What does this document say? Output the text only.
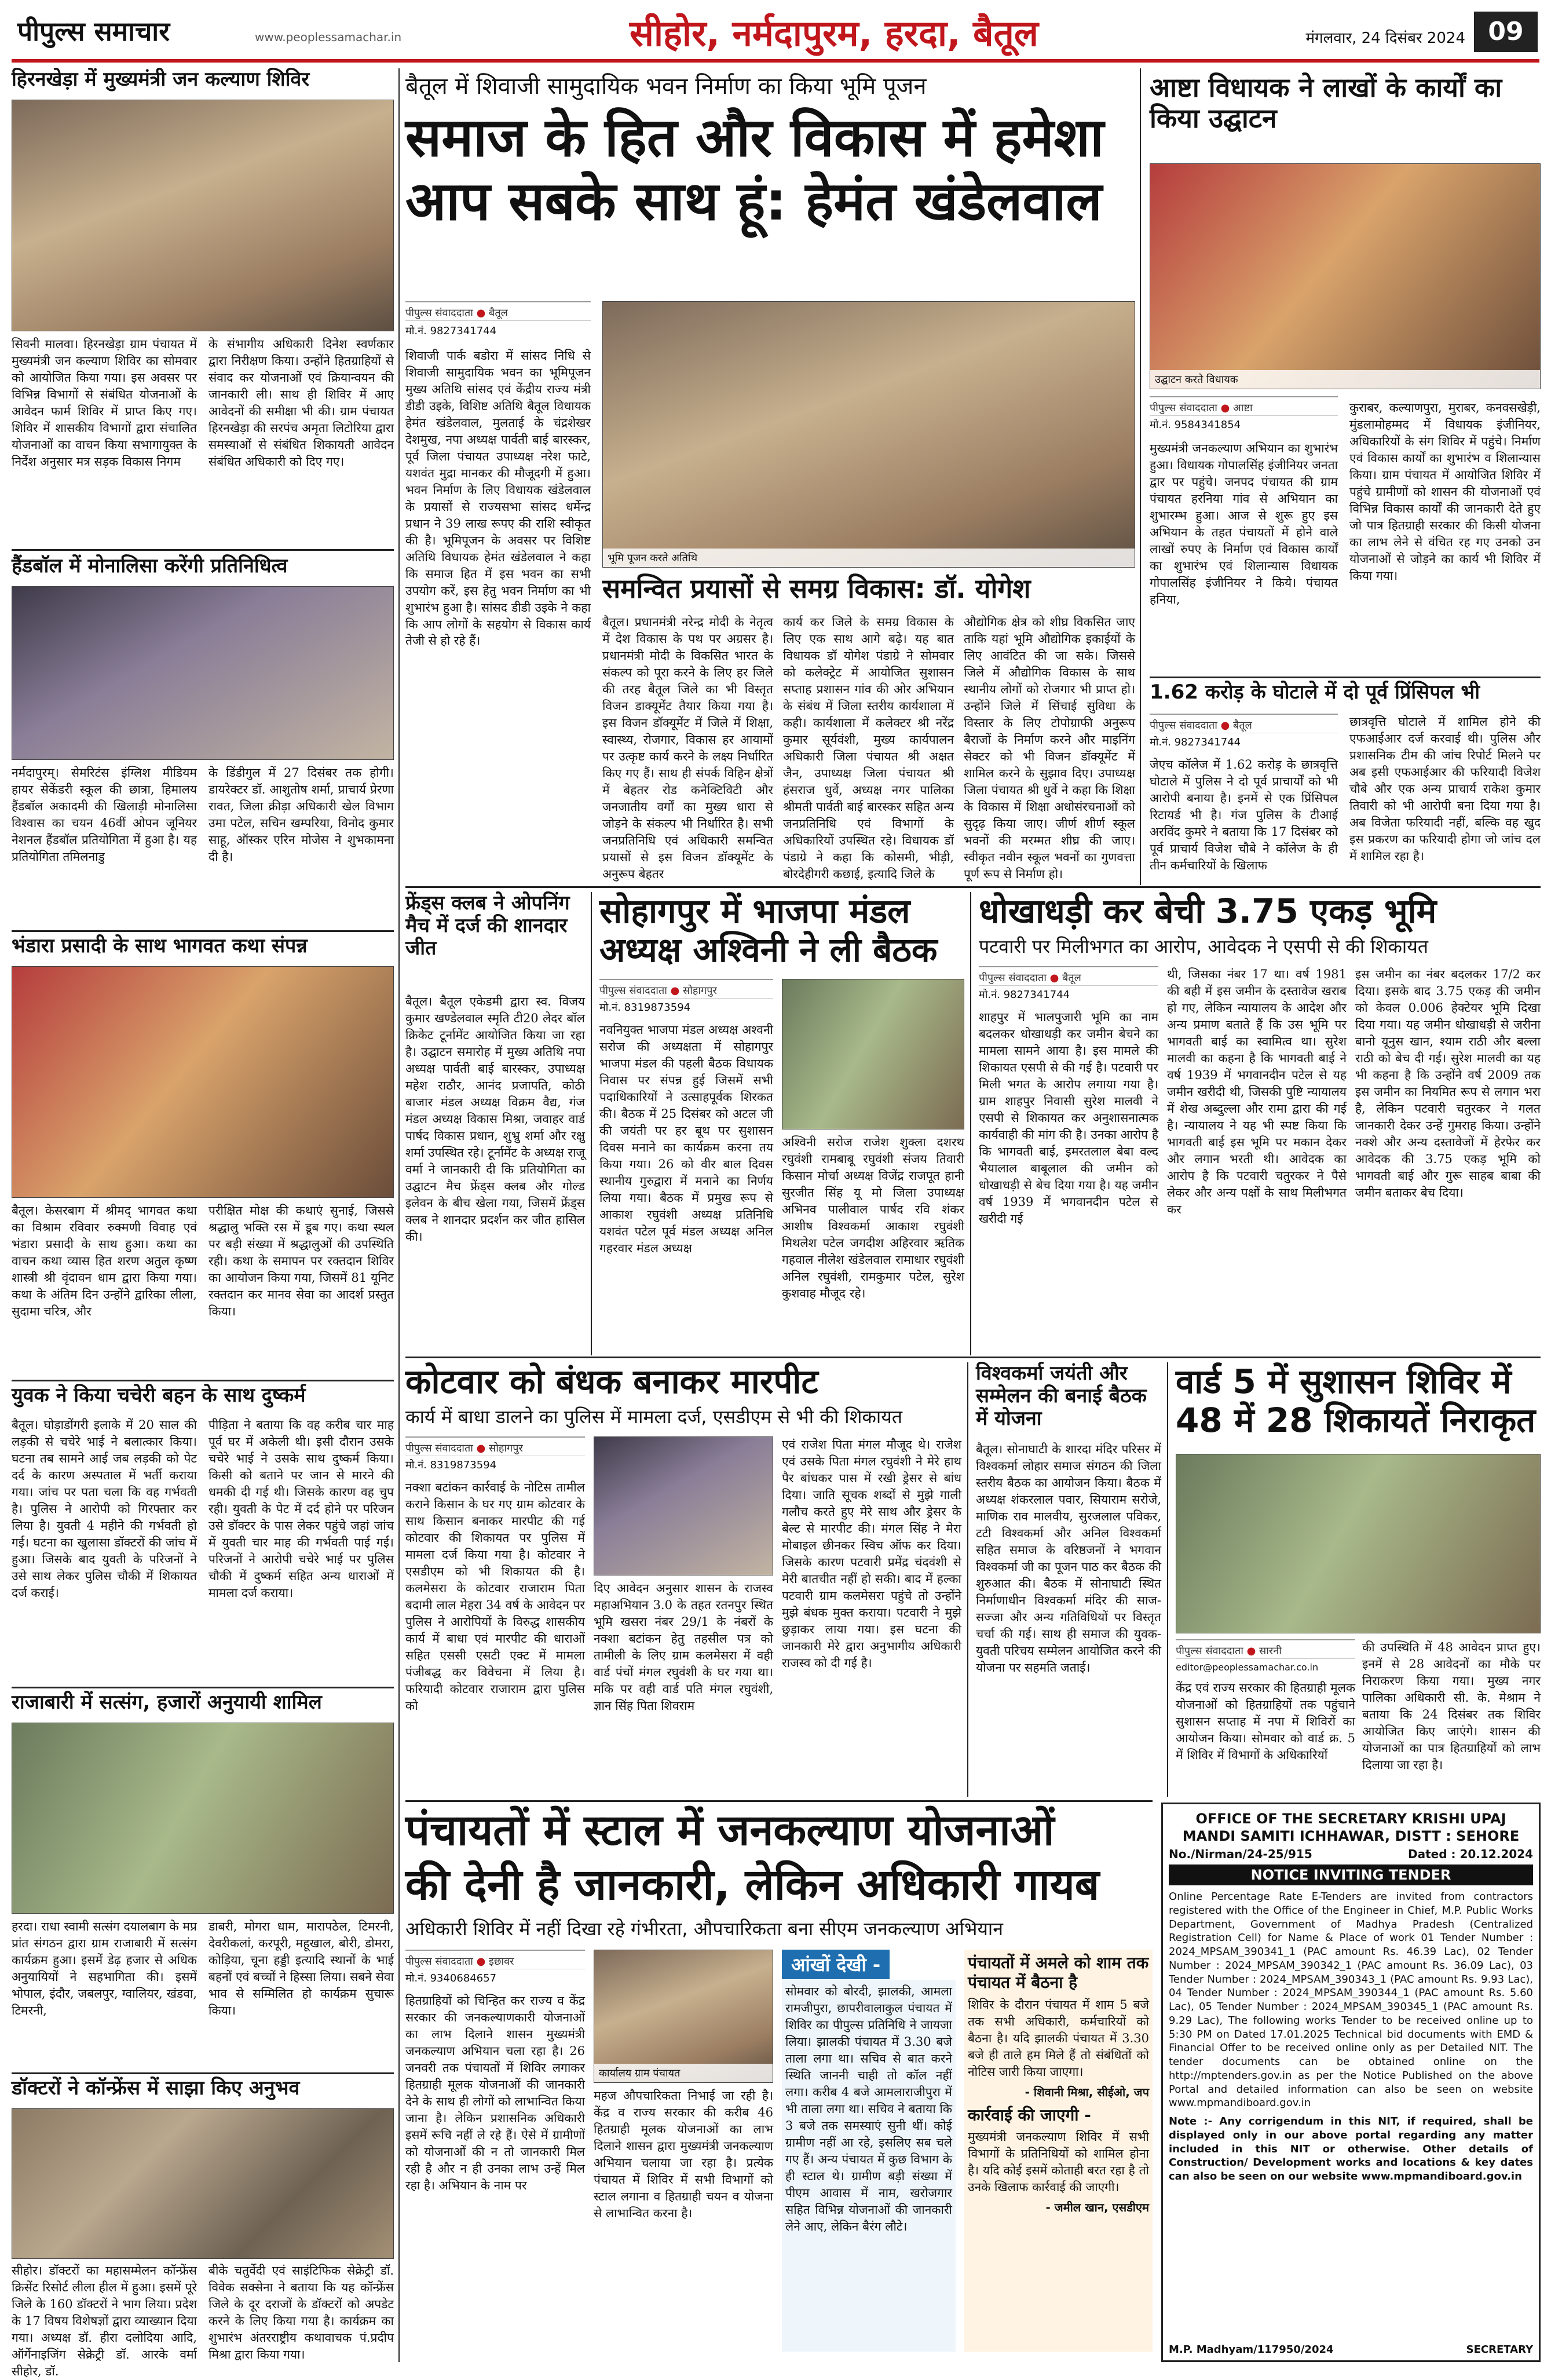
पीपुल्स समाचार	www.peoplessamachar.in	सीहोर, नर्मदापुरम, हरदा, बैतूल	मंगलवार, 24 दिसंबर 2024 09
हिरनखेड़ा में मुख्यमंत्री जन कल्याण शिविर
सिवनी मालवा। हिरनखेड़ा ग्राम पंचायत में मुख्यमंत्री जन कल्याण शिविर का सोमवार को आयोजित किया गया। इस अवसर पर विभिन्न विभागों से संबंधित योजनाओं के आवेदन फार्म शिविर में प्राप्त किए गए। शिविर में शासकीय विभागों द्वारा संचालित योजनाओं का वाचन किया सभागायुक्त के निर्देश अनुसार मत्र सड़क विकास निगम
के संभागीय अधिकारी दिनेश स्वर्णकार द्वारा निरीक्षण किया। उन्होंने हितग्राहियों से संवाद कर योजनाओं एवं क्रियान्वयन की जानकारी ली। साथ ही शिविर में आए आवेदनों की समीक्षा भी की। ग्राम पंचायत हिरनखेड़ा की सरपंच अमृता लिटोरिया द्वारा समस्याओं से संबंधित शिकायती आवेदन संबंधित अधिकारी को दिए गए।
हैंडबॉल में मोनालिसा करेंगी प्रतिनिधित्व
नर्मदापुरम्। सेमरिटंस इंग्लिश मीडियम हायर सेकेंडरी स्कूल की छात्रा, हिमालय हैंडबॉल अकादमी की खिलाड़ी मोनालिसा विश्वास का चयन 46वीं ओपन जूनियर नेशनल हैंडबॉल प्रतियोगिता में हुआ है। यह प्रतियोगिता तमिलनाडु
के डिंडीगुल में 27 दिसंबर तक होगी। डायरेक्टर डॉ. आशुतोष शर्मा, प्राचार्य प्रेरणा रावत, जिला क्रीड़ा अधिकारी खेल विभाग उमा पटेल, सचिन खम्परिया, विनोद कुमार साहू, ऑस्कर एरिन मोजेस ने शुभकामना दी है।
भंडारा प्रसादी के साथ भागवत कथा संपन्न
बैतूल। केसरबाग में श्रीमद् भागवत कथा का विश्राम रविवार रुक्मणी विवाह एवं भंडारा प्रसादी के साथ हुआ। कथा का वाचन कथा व्यास हित शरण अतुल कृष्ण शास्त्री श्री वृंदावन धाम द्वारा किया गया। कथा के अंतिम दिन उन्होंने द्वारिका लीला, सुदामा चरित्र, और
परीक्षित मोक्ष की कथाएं सुनाई, जिससे श्रद्धालु भक्ति रस में डूब गए। कथा स्थल पर बड़ी संख्या में श्रद्धालुओं की उपस्थिति रही। कथा के समापन पर रक्तदान शिविर का आयोजन किया गया, जिसमें 81 यूनिट रक्तदान कर मानव सेवा का आदर्श प्रस्तुत किया।
युवक ने किया चचेरी बहन के साथ दुष्कर्म
बैतूल। घोड़ाडोंगरी इलाके में 20 साल की लड़की से चचेरे भाई ने बलात्कार किया। घटना तब सामने आई जब लड़की को पेट दर्द के कारण अस्पताल में भर्ती कराया गया। जांच पर पता चला कि वह गर्भवती है। पुलिस ने आरोपी को गिरफ्तार कर लिया है। युवती 4 महीने की गर्भवती हो गई। घटना का खुलासा डॉक्टरों की जांच में हुआ। जिसके बाद युवती के परिजनों ने उसे साथ लेकर पुलिस चौकी में शिकायत दर्ज कराई।
पीड़िता ने बताया कि वह करीब चार माह पूर्व घर में अकेली थी। इसी दौरान उसके चचेरे भाई ने उसके साथ दुष्कर्म किया। किसी को बताने पर जान से मारने की धमकी दी गई थी। जिसके कारण वह चुप रही। युवती के पेट में दर्द होने पर परिजन उसे डॉक्टर के पास लेकर पहुंचे जहां जांच में युवती चार माह की गर्भवती पाई गई। परिजनों ने आरोपी चचेरे भाई पर पुलिस चौकी में दुष्कर्म सहित अन्य धाराओं में मामला दर्ज कराया।
राजाबारी में सत्संग, हजारों अनुयायी शामिल
हरदा। राधा स्वामी सत्संग दयालबाग के मप्र प्रांत संगठन द्वारा ग्राम राजाबारी में सत्संग कार्यक्रम हुआ। इसमें डेढ़ हजार से अधिक अनुयायियों ने सहभागिता की। इसमें भोपाल, इंदौर, जबलपुर, ग्वालियर, खंडवा, टिमरनी,
डाबरी, मोगरा धाम, मारापठेल, टिमरनी, देवरीकलां, करपूरी, महूखाल, बोरी, डोमरा, कोड़िया, चूना हड्डी इत्यादि स्थानों के भाई बहनों एवं बच्चों ने हिस्सा लिया। सबने सेवा भाव से सम्मिलित हो कार्यक्रम सुचारू किया।
डॉक्टरों ने कॉन्फ्रेंस में साझा किए अनुभव
सीहोर। डॉक्टरों का महासम्मेलन कॉन्फ्रेंस क्रिसेंट रिसोर्ट लीला हील में हुआ। इसमें पूरे जिले के 160 डॉक्टरों ने भाग लिया। प्रदेश के 17 विषय विशेषज्ञों द्वारा व्याख्यान दिया गया। अध्यक्ष डॉ. हीरा दलोदिया आदि, ऑर्गेनाइजिंग सेक्रेट्री डॉ. आरके वर्मा सीहोर, डॉ.
बीके चतुर्वेदी एवं साइंटिफिक सेक्रेट्री डॉ. विवेक सक्सेना ने बताया कि यह कॉन्फ्रेंस जिले के दूर दराजों के डॉक्टरों को अपडेट करने के लिए किया गया है। कार्यक्रम का शुभारंभ अंतरराष्ट्रीय कथावाचक पं.प्रदीप मिश्रा द्वारा किया गया।
बैतूल में शिवाजी सामुदायिक भवन निर्माण का किया भूमि पूजन
समाज के हित और विकास में हमेशा
आप सबके साथ हूं: हेमंत खंडेलवाल
पीपुल्स संवाददाता ● बैतूल
मो.नं. 9827341744
शिवाजी पार्क बडोरा में सांसद निधि से शिवाजी सामुदायिक भवन का भूमिपूजन मुख्य अतिथि सांसद एवं केंद्रीय राज्य मंत्री डीडी उइके, विशिष्ट अतिथि बैतूल विधायक हेमंत खंडेलवाल, मुलताई के चंद्रशेखर देशमुख, नपा अध्यक्ष पार्वती बाई बारस्कर, पूर्व जिला पंचायत उपाध्यक्ष नरेश फाटे, यशवंत मुद्रा मानकर की मौजूदगी में हुआ। भवन निर्माण के लिए विधायक खंडेलवाल के प्रयासों से राज्यसभा सांसद धर्मेन्द्र प्रधान ने 39 लाख रूपए की राशि स्वीकृत की है। भूमिपूजन के अवसर पर विशिष्ट अतिथि विधायक हेमंत खंडेलवाल ने कहा कि समाज हित में इस भवन का सभी उपयोग करें, इस हेतु भवन निर्माण का भी शुभारंभ हुआ है। सांसद डीडी उइके ने कहा कि आप लोगों के सहयोग से विकास कार्य तेजी से हो रहे हैं।
भूमि पूजन करते अतिथि
समन्वित प्रयासों से समग्र विकास: डॉ. योगेश
बैतूल। प्रधानमंत्री नरेन्द्र मोदी के नेतृत्व में देश विकास के पथ पर अग्रसर है। प्रधानमंत्री मोदी के विकसित भारत के संकल्प को पूरा करने के लिए हर जिले की तरह बैतूल जिले का भी विस्तृत विजन डाक्यूमेंट तैयार किया गया है। इस विजन डॉक्यूमेंट में जिले में शिक्षा, स्वास्थ्य, रोजगार, विकास हर आयामों पर उत्कृष्ट कार्य करने के लक्ष्य निर्धारित किए गए हैं। साथ ही संपर्क विहिन क्षेत्रों में बेहतर रोड कनेक्टिविटी और जनजातीय वर्गों का मुख्य धारा से जोड़ने के संकल्प भी निर्धारित है। सभी जनप्रतिनिधि एवं अधिकारी समन्वित प्रयासों से इस विजन डॉक्यूमेंट के अनुरूप बेहतर
कार्य कर जिले के समग्र विकास के लिए एक साथ आगे बढ़े। यह बात विधायक डॉ योगेश पंडाग्रे ने सोमवार को कलेक्ट्रेट में आयोजित सुशासन सप्ताह प्रशासन गांव की ओर अभियान के संबंध में जिला स्तरीय कार्यशाला में कही। कार्यशाला में कलेक्टर श्री नरेंद्र कुमार सूर्यवंशी, मुख्य कार्यपालन अधिकारी जिला पंचायत श्री अक्षत जैन, उपाध्यक्ष जिला पंचायत श्री हंसराज धुर्वे, अध्यक्ष नगर पालिका श्रीमती पार्वती बाई बारस्कर सहित अन्य जनप्रतिनिधि एवं विभागों के अधिकारियों उपस्थित रहे। विधायक डॉ पंडाग्रे ने कहा कि कोसमी, भीड़ी, बोरदेहीगरी कछाई, इत्यादि जिले के
औद्योगिक क्षेत्र को शीघ्र विकसित जाए ताकि यहां भूमि औद्योगिक इकाईयों के लिए आवंटित की जा सके। जिससे जिले में औद्योगिक विकास के साथ स्थानीय लोगों को रोजगार भी प्राप्त हो। उन्होंने जिले में सिंचाई सुविधा के विस्तार के लिए टोपोग्राफी अनुरूप बैराजों के निर्माण करने और माइनिंग सेक्टर को भी विजन डॉक्यूमेंट में शामिल करने के सुझाव दिए। उपाध्यक्ष जिला पंचायत श्री धुर्वे ने कहा कि शिक्षा के विकास में शिक्षा अधोसंरचनाओं को सुदृढ़ किया जाए। जीर्ण शीर्ण स्कूल भवनों की मरम्मत शीघ्र की जाए। स्वीकृत नवीन स्कूल भवनों का गुणवत्ता पूर्ण रूप से निर्माण हो।
आष्टा विधायक ने लाखों के कार्यों का किया उद्घाटन
उद्घाटन करते विधायक
पीपुल्स संवाददाता ● आष्टा
मो.नं. 9584341854
मुख्यमंत्री जनकल्याण अभियान का शुभारंभ हुआ। विधायक गोपालसिंह इंजीनियर जनता द्वार पर पहुंचे। जनपद पंचायत की ग्राम पंचायत हरनिया गांव से अभियान का शुभारम्भ हुआ। आज से शुरू हुए इस अभियान के तहत पंचायतों में होने वाले लाखों रुपए के निर्माण एवं विकास कार्यों का शुभारंभ एवं शिलान्यास विधायक गोपालसिंह इंजीनियर ने किये। पंचायत हनिया,
कुराबर, कल्याणपुरा, मुराबर, कनवसखेड़ी, मुंडलामोहम्मद में विधायक इंजीनियर, अधिकारियों के संग शिविर में पहुंचे। निर्माण एवं विकास कार्यों का शुभारंभ व शिलान्यास किया। ग्राम पंचायत में आयोजित शिविर में पहुंचे ग्रामीणों को शासन की योजनाओं एवं विभिन्न विकास कार्यों की जानकारी देते हुए जो पात्र हितग्राही सरकार की किसी योजना का लाभ लेने से वंचित रह गए उनको उन योजनाओं से जोड़ने का कार्य भी शिविर में किया गया।
1.62 करोड़ के घोटाले में दो पूर्व प्रिंसिपल भी
पीपुल्स संवाददाता ● बैतूल
मो.नं. 9827341744
जेएच कॉलेज में 1.62 करोड़ के छात्रवृत्ति घोटाले में पुलिस ने दो पूर्व प्राचार्यों को भी आरोपी बनाया है। इनमें से एक प्रिंसिपल रिटायर्ड भी है। गंज पुलिस के टीआई अरविंद कुमरे ने बताया कि 17 दिसंबर को पूर्व प्राचार्य विजेश चौबे ने कॉलेज के ही तीन कर्मचारियों के खिलाफ
छात्रवृत्ति घोटाले में शामिल होने की एफआईआर दर्ज करवाई थी। पुलिस और प्रशासनिक टीम की जांच रिपोर्ट मिलने पर अब इसी एफआईआर की फरियादी विजेश चौबे और एक अन्य प्राचार्य राकेश कुमार तिवारी को भी आरोपी बना दिया गया है। अब विजेता फरियादी नहीं, बल्कि वह खुद इस प्रकरण का फरियादी होगा जो जांच दल में शामिल रहा है।
फ्रेंड्स क्लब ने ओपनिंग मैच में दर्ज की शानदार जीत
बैतूल। बैतूल एकेडमी द्वारा स्व. विजय कुमार खण्डेलवाल स्मृति टी20 लेदर बॉल क्रिकेट टूर्नामेंट आयोजित किया जा रहा है। उद्घाटन समारोह में मुख्य अतिथि नपा अध्यक्ष पार्वती बाई बारस्कर, उपाध्यक्ष महेश राठौर, आनंद प्रजापति, कोठी बाजार मंडल अध्यक्ष विक्रम वैद्य, गंज मंडल अध्यक्ष विकास मिश्रा, जवाहर वार्ड पार्षद विकास प्रधान, शुभ्रु शर्मा और रक्षु शर्मा उपस्थित रहे। टूर्नामेंट के अध्यक्ष राजू वर्मा ने जानकारी दी कि प्रतियोगिता का उद्घाटन मैच फ्रेंड्स क्लब और गोल्ड इलेवन के बीच खेला गया, जिसमें फ्रेंड्स क्लब ने शानदार प्रदर्शन कर जीत हासिल की।
सोहागपुर में भाजपा मंडल अध्यक्ष अश्विनी ने ली बैठक
पीपुल्स संवाददाता ● सोहागपुर
मो.नं. 8319873594
नवनियुक्त भाजपा मंडल अध्यक्ष अश्वनी सरोज की अध्यक्षता में सोहागपुर भाजपा मंडल की पहली बैठक विधायक निवास पर संपन्न हुई जिसमें सभी पदाधिकारियों ने उत्साहपूर्वक शिरकत की। बैठक में 25 दिसंबर को अटल जी की जयंती पर हर बूथ पर सुशासन दिवस मनाने का कार्यक्रम करना तय किया गया। 26 को वीर बाल दिवस स्थानीय गुरुद्वारा में मनाने का निर्णय लिया गया। बैठक में प्रमुख रूप से आकाश रघुवंशी अध्यक्ष प्रतिनिधि यशवंत पटेल पूर्व मंडल अध्यक्ष अनिल गहरवार मंडल अध्यक्ष
अश्विनी सरोज राजेश शुक्ला दशरथ रघुवंशी रामबाबू रघुवंशी संजय तिवारी किसान मोर्चा अध्यक्ष विजेंद्र राजपूत हानी सुरजीत सिंह यू मो जिला उपाध्यक्ष अभिनव पालीवाल पार्षद रवि शंकर आशीष विश्वकर्मा आकाश रघुवंशी मिथलेश पटेल जगदीश अहिरवार ऋतिक गहवाल नीलेश खंडेलवाल रामाधार रघुवंशी अनिल रघुवंशी, रामकुमार पटेल, सुरेश कुशवाह मौजूद रहे।
धोखाधड़ी कर बेची 3.75 एकड़ भूमि
पटवारी पर मिलीभगत का आरोप, आवेदक ने एसपी से की शिकायत
पीपुल्स संवाददाता ● बैतूल
मो.नं. 9827341744
शाहपुर में भालपुजारी भूमि का नाम बदलकर धोखाधड़ी कर जमीन बेचने का मामला सामने आया है। इस मामले की शिकायत एसपी से की गई है। पटवारी पर मिली भगत के आरोप लगाया गया है। ग्राम शाहपुर निवासी सुरेश मालवी ने एसपी से शिकायत कर अनुशासनात्मक कार्यवाही की मांग की है। उनका आरोप है कि भागवती बाई, इमरतलाल बेबा वल्द भैयालाल बाबूलाल की जमीन को धोखाधड़ी से बेच दिया गया है। यह जमीन वर्ष 1939 में भगवानदीन पटेल से खरीदी गई
थी, जिसका नंबर 17 था। वर्ष 1981 की बही में इस जमीन के दस्तावेज खराब हो गए, लेकिन न्यायालय के आदेश और अन्य प्रमाण बताते हैं कि उस भूमि पर भागवती बाई का स्वामित्व था। सुरेश मालवी का कहना है कि भागवती बाई ने वर्ष 1939 में भगवानदीन पटेल से यह जमीन खरीदी थी, जिसकी पुष्टि न्यायालय में शेख अब्दुल्ला और रामा द्वारा की गई है। न्यायालय ने यह भी स्पष्ट किया कि भागवती बाई इस भूमि पर मकान देकर और लगान भरती थी। आवेदक का आरोप है कि पटवारी चतुरकर ने पैसे लेकर और अन्य पक्षों के साथ मिलीभगत कर
इस जमीन का नंबर बदलकर 17/2 कर दिया। इसके बाद 3.75 एकड़ की जमीन को केवल 0.006 हेक्टेयर भूमि दिखा दिया गया। यह जमीन धोखाधड़ी से जरीना बानो यूनुस खान, श्याम राठी और बल्ला राठी को बेच दी गई। सुरेश मालवी का यह भी कहना है कि उन्होंने वर्ष 2009 तक इस जमीन का नियमित रूप से लगान भरा है, लेकिन पटवारी चतुरकर ने गलत जानकारी देकर उन्हें गुमराह किया। उन्होंने नक्शे और अन्य दस्तावेजों में हेरफेर कर आवेदक की 3.75 एकड़ भूमि को भागवती बाई और गुरू साहब बाबा की जमीन बताकर बेच दिया।
कोटवार को बंधक बनाकर मारपीट
कार्य में बाधा डालने का पुलिस में मामला दर्ज, एसडीएम से भी की शिकायत
पीपुल्स संवाददाता ● सोहागपुर
मो.नं. 8319873594
नक्शा बटांकन कार्रवाई के नोटिस तामील कराने किसान के घर गए ग्राम कोटवार के साथ किसान बनाकर मारपीट की गई कोटवार की शिकायत पर पुलिस में मामला दर्ज किया गया है। कोटवार ने एसडीएम को भी शिकायत की है। कलमेसरा के कोटवार राजाराम पिता बदामी लाल मेहरा 34 वर्ष के आवेदन पर पुलिस ने आरोपियों के विरुद्ध शासकीय कार्य में बाधा एवं मारपीट की धाराओं सहित एससी एसटी एक्ट में मामला पंजीबद्ध कर विवेचना में लिया है। फरियादी कोटवार राजाराम द्वारा पुलिस को
दिए आवेदन अनुसार शासन के राजस्व महाअभियान 3.0 के तहत रतनपुर स्थित भूमि खसरा नंबर 29/1 के नंबरों के नक्शा बटांकन हेतु तहसील पत्र को तामीली के लिए ग्राम कलमेसरा में वही वार्ड पंचों मंगल रघुवंशी के घर गया था। मकि पर वही वार्ड पति मंगल रघुवंशी, ज्ञान सिंह पिता शिवराम
एवं राजेश पिता मंगल मौजूद थे। राजेश एवं उसके पिता मंगल रघुवंशी ने मेरे हाथ पैर बांधकर पास में रखी ड्रेसर से बांध दिया। जाति सूचक शब्दों से मुझे गाली गलौच करते हुए मेरे साथ और ड्रेसर के बेल्ट से मारपीट की। मंगल सिंह ने मेरा मोबाइल छीनकर स्विच ऑफ कर दिया। जिसके कारण पटवारी प्रमेंद्र चंदवंशी से मेरी बातचीत नहीं हो सकी। बाद में हल्का पटवारी ग्राम कलमेसरा पहुंचे तो उन्होंने मुझे बंधक मुक्त कराया। पटवारी ने मुझे छुड़ाकर लाया गया। इस घटना की जानकारी मेरे द्वारा अनुभागीय अधिकारी राजस्व को दी गई है।
विश्वकर्मा जयंती और सम्मेलन की बनाई बैठक में योजना
बैतूल। सोनाघाटी के शारदा मंदिर परिसर में विश्वकर्मा लोहार समाज संगठन की जिला स्तरीय बैठक का आयोजन किया। बैठक में अध्यक्ष शंकरलाल पवार, सियाराम सरोजे, माणिक राव मालवीय, सुरजलाल पविकर, टटी विश्वकर्मा और अनिल विश्वकर्मा सहित समाज के वरिष्ठजनों ने भगवान विश्वकर्मा जी का पूजन पाठ कर बैठक की शुरुआत की। बैठक में सोनाघाटी स्थित निर्माणाधीन विश्वकर्मा मंदिर की साज-सज्जा और अन्य गतिविधियों पर विस्तृत चर्चा की गई। साथ ही समाज की युवक-युवती परिचय सम्मेलन आयोजित करने की योजना पर सहमति जताई।
वार्ड 5 में सुशासन शिविर में 48 में 28 शिकायतें निराकृत
पीपुल्स संवाददाता ● सारनी
editor@peoplessamachar.co.in
केंद्र एवं राज्य सरकार की हितग्राही मूलक योजनाओं को हितग्राहियों तक पहुंचाने सुशासन सप्ताह में नपा में शिविरों का आयोजन किया। सोमवार को वार्ड क्र. 5 में शिविर में विभागों के अधिकारियों
की उपस्थिति में 48 आवेदन प्राप्त हुए। इनमें से 28 आवेदनों का मौके पर निराकरण किया गया। मुख्य नगर पालिका अधिकारी सी. के. मेश्राम ने बताया कि 24 दिसंबर तक शिविर आयोजित किए जाएंगे। शासन की योजनाओं का पात्र हितग्राहियों को लाभ दिलाया जा रहा है।
पंचायतों में स्टाल में जनकल्याण योजनाओं
की देनी है जानकारी, लेकिन अधिकारी गायब
अधिकारी शिविर में नहीं दिखा रहे गंभीरता, औपचारिकता बना सीएम जनकल्याण अभियान
पीपुल्स संवाददाता ● इछावर
मो.नं. 9340684657
हितग्राहियों को चिन्हित कर राज्य व केंद्र सरकार की जनकल्याणकारी योजनाओं का लाभ दिलाने शासन मुख्यमंत्री जनकल्याण अभियान चला रहा है। 26 जनवरी तक पंचायतों में शिविर लगाकर हितग्राही मूलक योजनाओं की जानकारी देने के साथ ही लोगों को लाभान्वित किया जाना है। लेकिन प्रशासनिक अधिकारी इसमें रूचि नहीं ले रहे हैं। ऐसे में ग्रामीणों को योजनाओं की न तो जानकारी मिल रही है और न ही उनका लाभ उन्हें मिल रहा है। अभियान के नाम पर
कार्यालय ग्राम पंचायत
महज औपचारिकता निभाई जा रही है। केंद्र व राज्य सरकार की करीब 46 हितग्राही मूलक योजनाओं का लाभ दिलाने शासन द्वारा मुख्यमंत्री जनकल्याण अभियान चलाया जा रहा है। प्रत्येक पंचायत में शिविर में सभी विभागों को स्टाल लगाना व हितग्राही चयन व योजना से लाभान्वित करना है।
आंखों देखी -
सोमवार को बोरदी, झालकी, आमला रामजीपुरा, छापरीवालाकुल पंचायत में शिविर का पीपुल्स प्रतिनिधि ने जायजा लिया। झालकी पंचायत में 3.30 बजे ताला लगा था। सचिव से बात करने स्थिति जाननी चाही तो कॉल नहीं लगा। करीब 4 बजे आमलाराजीपुरा में भी ताला लगा था। सचिव ने बताया कि 3 बजे तक समस्याएं सुनी थीं। कोई ग्रामीण नहीं आ रहे, इसलिए सब चले गए हैं। अन्य पंचायत में कुछ विभाग के ही स्टाल थे। ग्रामीण बड़ी संख्या में पीएम आवास में नाम, खरोजगार सहित विभिन्न योजनाओं की जानकारी लेने आए, लेकिन बैरंग लौटे।
पंचायतों में अमले को शाम तक पंचायत में बैठना है
शिविर के दौरान पंचायत में शाम 5 बजे तक सभी अधिकारी, कर्मचारियों को बैठना है। यदि झालकी पंचायत में 3.30 बजे ही ताले हम मिले हैं तो संबंधितों को नोटिस जारी किया जाएगा।
- शिवानी मिश्रा, सीईओ, जप
कार्रवाई की जाएगी -
मुख्यमंत्री जनकल्याण शिविर में सभी विभागों के प्रतिनिधियों को शामिल होना है। यदि कोई इसमें कोताही बरत रहा है तो उनके खिलाफ कार्रवाई की जाएगी।
- जमील खान, एसडीएम
OFFICE OF THE SECRETARY KRISHI UPAJ
MANDI SAMITI ICHHAWAR, DISTT : SEHORE
No./Nirman/24-25/915	Dated : 20.12.2024
NOTICE INVITING TENDER
Online Percentage Rate E-Tenders are invited from contractors registered with the Office of the Engineer in Chief, M.P. Public Works Department, Government of Madhya Pradesh (Centralized Registration Cell) for Name & Place of work 01 Tender Number : 2024_MPSAM_390341_1 (PAC amount Rs. 46.39 Lac), 02 Tender Number : 2024_MPSAM_390342_1 (PAC amount Rs. 36.09 Lac), 03 Tender Number : 2024_MPSAM_390343_1 (PAC amount Rs. 9.93 Lac), 04 Tender Number : 2024_MPSAM_390344_1 (PAC amount Rs. 5.60 Lac), 05 Tender Number : 2024_MPSAM_390345_1 (PAC amount Rs. 9.29 Lac), The following works Tender to be received online up to 5:30 PM on Dated 17.01.2025 Technical bid documents with EMD & Financial Offer to be received online only as per Detailed NIT. The tender documents can be obtained online on the http://mptenders.gov.in as per the Notice Published on the above Portal and detailed information can also be seen on website www.mpmandiboard.gov.in
Note :- Any corrigendum in this NIT, if required, shall be displayed only in our above portal regarding any matter included in this NIT or otherwise. Other details of Construction/ Development works and locations & key dates can also be seen on our website www.mpmandiboard.gov.in
M.P. Madhyam/117950/2024	SECRETARY
